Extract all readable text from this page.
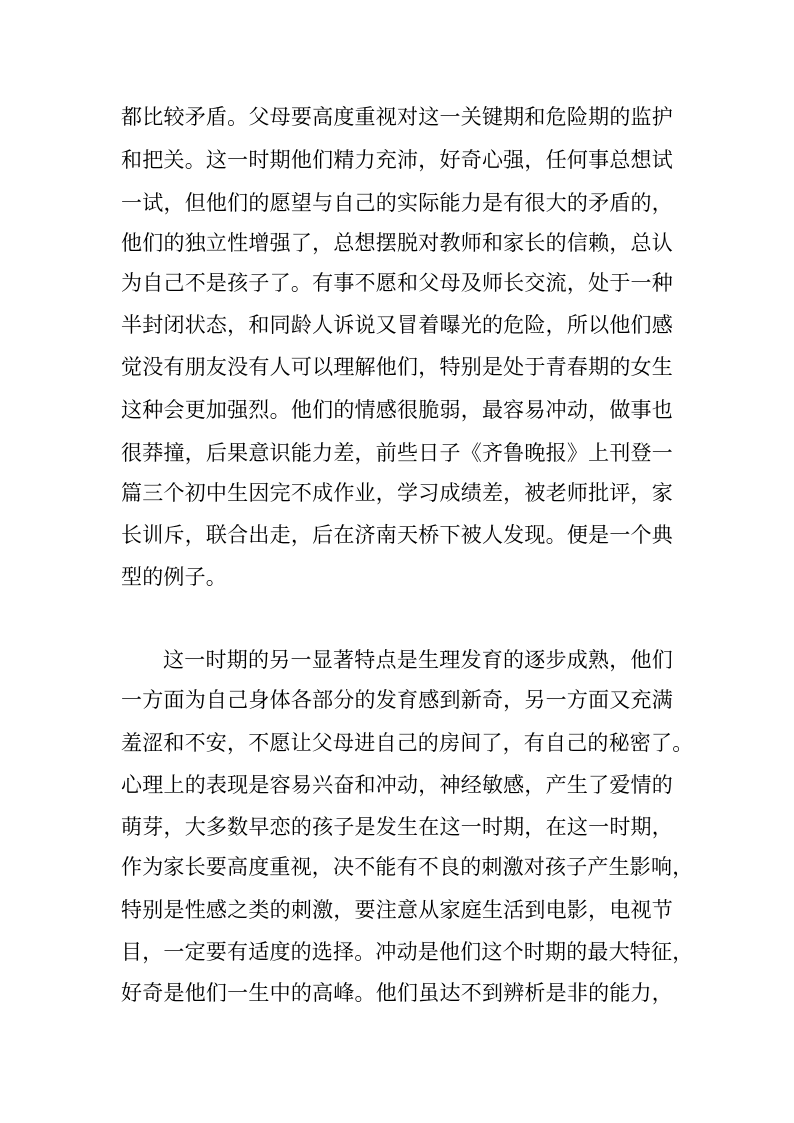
都比较矛盾。父母要高度重视对这一关键期和危险期的监护
和把关。这一时期他们精力充沛，好奇心强，任何事总想试
一试，但他们的愿望与自己的实际能力是有很大的矛盾的，
他们的独立性增强了，总想摆脱对教师和家长的信赖，总认
为自己不是孩子了。有事不愿和父母及师长交流，处于一种
半封闭状态，和同龄人诉说又冒着曝光的危险，所以他们感
觉没有朋友没有人可以理解他们，特别是处于青春期的女生
这种会更加强烈。他们的情感很脆弱，最容易冲动，做事也
很莽撞，后果意识能力差，前些日子《齐鲁晚报》上刊登一
篇三个初中生因完不成作业，学习成绩差，被老师批评，家
长训斥，联合出走，后在济南天桥下被人发现。便是一个典
型的例子。
这一时期的另一显著特点是生理发育的逐步成熟，他们
一方面为自己身体各部分的发育感到新奇，另一方面又充满
羞涩和不安，不愿让父母进自己的房间了，有自己的秘密了。
心理上的表现是容易兴奋和冲动，神经敏感，产生了爱情的
萌芽，大多数早恋的孩子是发生在这一时期，在这一时期，
作为家长要高度重视，决不能有不良的刺激对孩子产生影响，
特别是性感之类的刺激，要注意从家庭生活到电影，电视节
目，一定要有适度的选择。冲动是他们这个时期的最大特征，
好奇是他们一生中的高峰。他们虽达不到辨析是非的能力，
